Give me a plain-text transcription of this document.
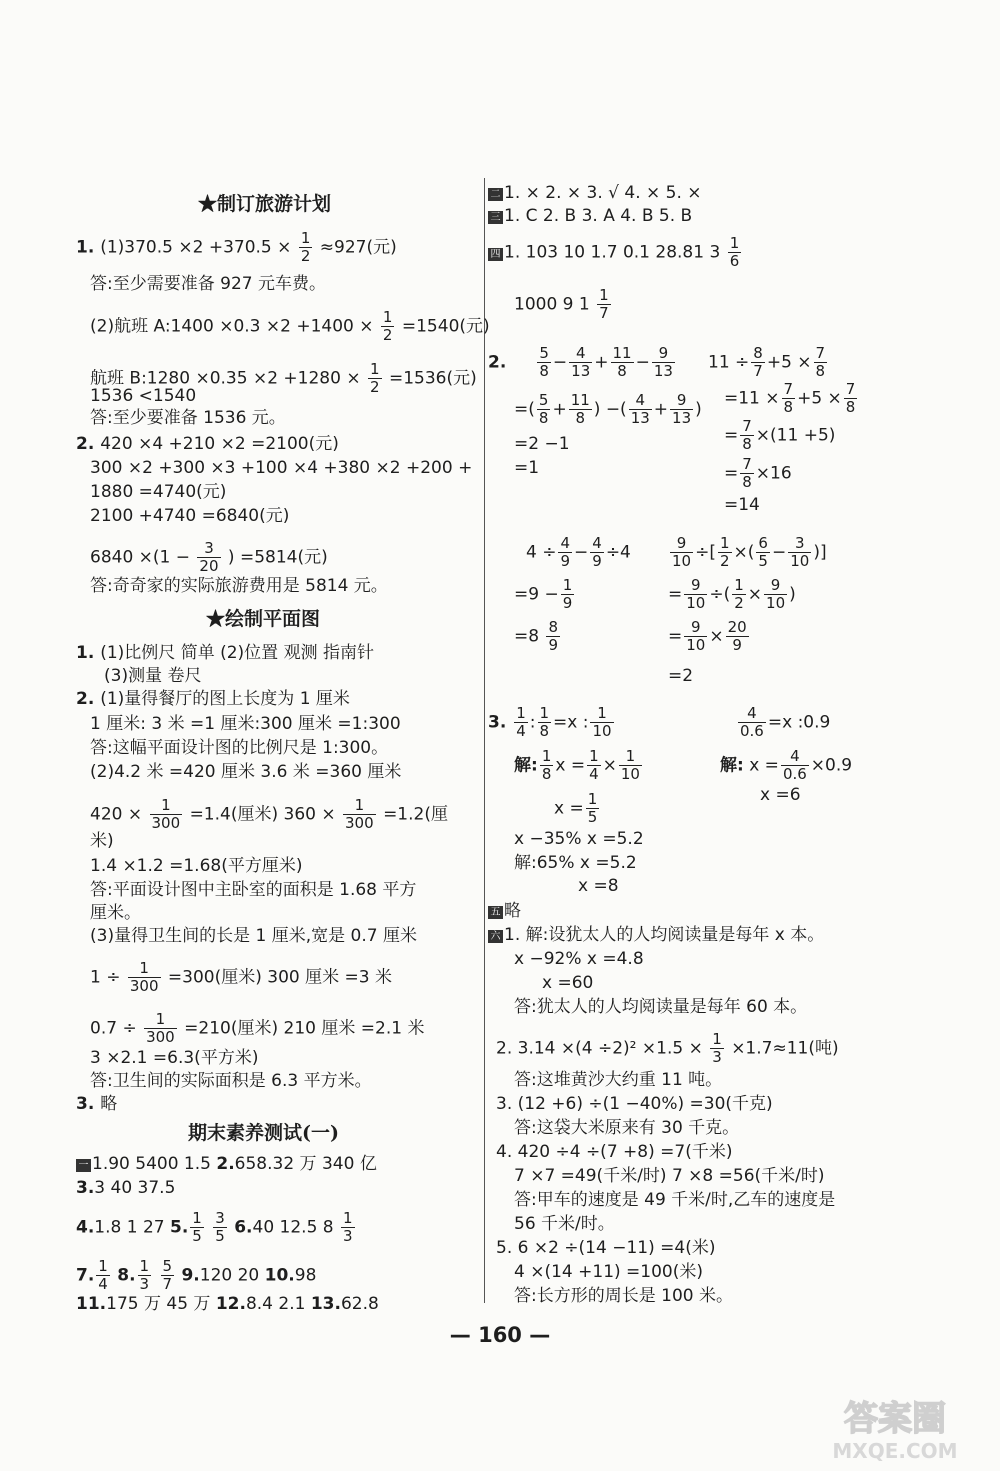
★制订旅游计划
1. $(1)370.5 \times 2 +370.5 \times \frac{1}{2} \approx 927$(元)
答:至少需要准备 927 元车费。
(2)航班 A:1400 $\times 0.3 \times 2 +1400 \times \frac{1}{2} =1540$(元)
航班 B:1280 $\times 0.35 \times 2 +1280 \times \frac{1}{2} =1536$(元)
1536 <1540
答:至少要准备 1536 元。
2. 420 ×4 +210 ×2 =2100(元)
300 ×2 +300 ×3 +100 ×4 +380 ×2 +200 +
1880 =4740(元)
2100 +4740 =6840(元)
$6840 \times(1 - \frac{3}{20}$ ) =5814(元)
答:奇奇家的实际旅游费用是 5814 元。
★绘制平面图
1. (1)比例尺 简单 (2)位置 观测 指南针
(3)测量 卷尺
2. (1)量得餐厅的图上长度为 1 厘米
1 厘米: 3 米 =1 厘米:300 厘米 =1:300
答:这幅平面设计图的比例尺是 1:300。
(2)4.2 米 =420 厘米 3.6 米 =360 厘米
$420 \times \frac{1}{300} =1.4$(厘米) $360 \times \frac{1}{300} =1.2$(厘
米)
1.4 ×1.2 =1.68(平方厘米)
答:平面设计图中主卧室的面积是 1.68 平方
厘米。
(3)量得卫生间的长是 1 厘米,宽是 0.7 厘米
$1 \div \frac{1}{300} =300$(厘米) 300 厘米 =3 米
$0.7 \div \frac{1}{300} =210$(厘米) 210 厘米 =2.1 米
3 ×2.1 =6.3(平方米)
答:卫生间的实际面积是 6.3 平方米。
3. 略
期末素养测试(一)
一 1.90 5400 1.5 2.658.32 万 340 亿
3.3 40 37.5
4.1.8 1 27 5. $\frac{1}{5}$
$\frac{3}{5} 6.40$ 12.5 $8 \frac{1}{3}$
7. $\frac{1}{4} 8$. $\frac{1}{3}$
$\frac{5}{7} 9.120$ 20 10.98
11.175 万 45 万 12.8.4 2.1 13.62.8
二 1. × 2. × 3. √ 4. × 5. ×
三 1. C 2. B 3. A 4. B 5. B
四 1. 103 10 1.7 0.1 28.81 $3 \frac{1}{6}$
1000 9 $1 \frac{1}{7}$
2. $\frac{5}{8} - \frac{4}{13} + \frac{11}{8} - \frac{9}{13}$
=( $\frac{5}{8} + \frac{11}{8}$ ) −( $\frac{4}{13} + \frac{9}{13}$ )
=2 −1
=1
$11 \div \frac{8}{7} +5 \times \frac{7}{8}$
$=11 \times \frac{7}{8} +5 \times \frac{7}{8}$
= $\frac{7}{8} \times(11 +5)$
= $\frac{7}{8} \times 16$
=14
$4 \div \frac{4}{9} - \frac{4}{9} \div 4$
$=9 - \frac{1}{9}$
$=8 \frac{8}{9}$
$\frac{9}{10}$ ÷[ $\frac{1}{2}$ ×( $\frac{6}{5} - \frac{3}{10}$ )]
= $\frac{9}{10}$ ÷( $\frac{1}{2} \times \frac{9}{10}$ )
= $\frac{9}{10} \times \frac{20}{9}$
=2
3. $\frac{1}{4}$ : $\frac{1}{8} =x$ : $\frac{1}{10}$
解: $\frac{1}{8}$ $x = \frac{1}{4} \times \frac{1}{10}$
$x = \frac{1}{5}$
$\frac{4}{0.6} =x$ :0.9
解: $x = \frac{4}{0.6} \times 0.9$
x =6
x −35% x =5.2
解:65% x =5.2
x =8
五 略
六 1. 解:设犹太人的人均阅读量是每年 x 本。
x −92% x =4.8
x =60
答:犹太人的人均阅读量是每年 60 本。
2. $3.14 \times(4 \div 2)^2 \times 1.5 \times \frac{1}{3} \times 1.7\approx 11$(吨)
答:这堆黄沙大约重 11 吨。
3. (12 +6) ÷(1 −40%) =30(千克)
答:这袋大米原来有 30 千克。
4. 420 ÷4 ÷(7 +8) =7(千米)
7 ×7 =49(千米/时) 7 ×8 =56(千米/时)
答:甲车的速度是 49 千米/时,乙车的速度是
56 千米/时。
5. 6 ×2 ÷(14 −11) =4(米)
4 ×(14 +11) =100(米)
答:长方形的周长是 100 米。
— 160 —
答案圈
MXQE.COM
